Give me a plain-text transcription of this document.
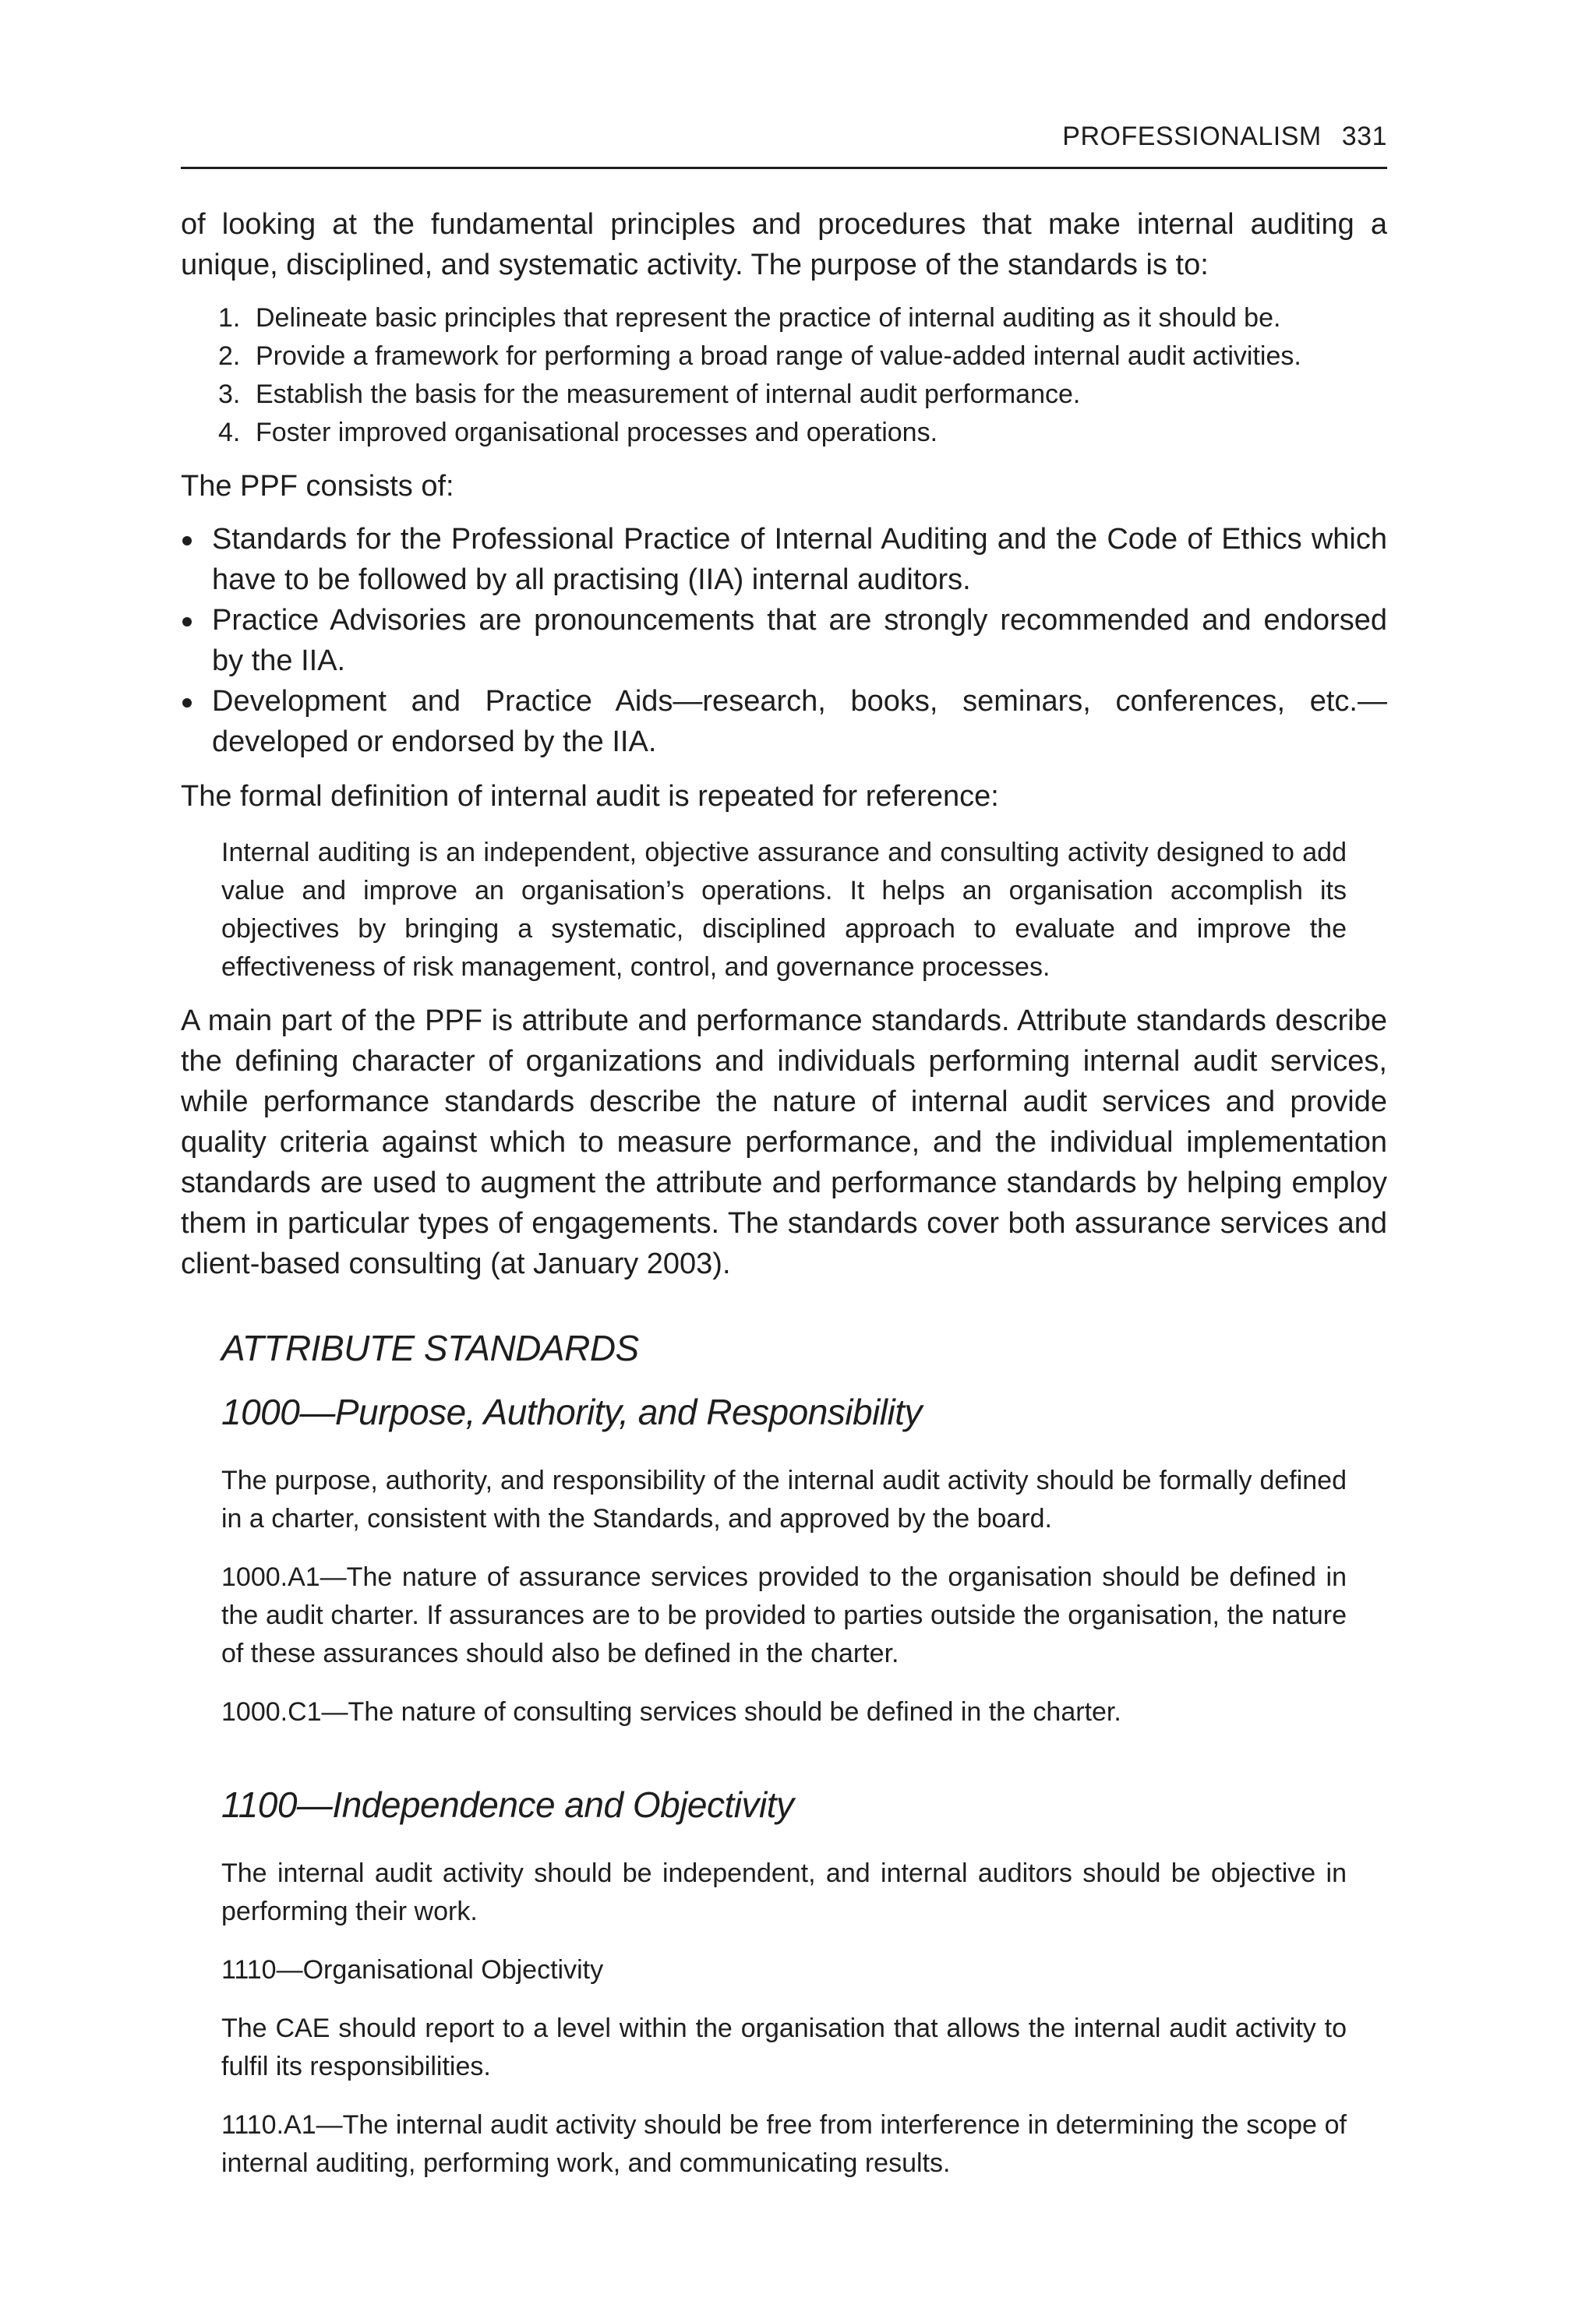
PROFESSIONALISM 331

of looking at the fundamental principles and procedures that make internal auditing a unique, disciplined, and systematic activity. The purpose of the standards is to:

1. Delineate basic principles that represent the practice of internal auditing as it should be.
2. Provide a framework for performing a broad range of value-added internal audit activities.
3. Establish the basis for the measurement of internal audit performance.
4. Foster improved organisational processes and operations.

The PPF consists of:

Standards for the Professional Practice of Internal Auditing and the Code of Ethics which have to be followed by all practising (IIA) internal auditors.
Practice Advisories are pronouncements that are strongly recommended and endorsed by the IIA.
Development and Practice Aids—research, books, seminars, conferences, etc.—developed or endorsed by the IIA.

The formal definition of internal audit is repeated for reference:

Internal auditing is an independent, objective assurance and consulting activity designed to add value and improve an organisation’s operations. It helps an organisation accomplish its objectives by bringing a systematic, disciplined approach to evaluate and improve the effectiveness of risk management, control, and governance processes.

A main part of the PPF is attribute and performance standards. Attribute standards describe the defining character of organizations and individuals performing internal audit services, while performance standards describe the nature of internal audit services and provide quality criteria against which to measure performance, and the individual implementation standards are used to augment the attribute and performance standards by helping employ them in particular types of engagements. The standards cover both assurance services and client-based consulting (at January 2003).

ATTRIBUTE STANDARDS
1000—Purpose, Authority, and Responsibility

The purpose, authority, and responsibility of the internal audit activity should be formally defined in a charter, consistent with the Standards, and approved by the board.

1000.A1—The nature of assurance services provided to the organisation should be defined in the audit charter. If assurances are to be provided to parties outside the organisation, the nature of these assurances should also be defined in the charter.

1000.C1—The nature of consulting services should be defined in the charter.

1100—Independence and Objectivity

The internal audit activity should be independent, and internal auditors should be objective in performing their work.

1110—Organisational Objectivity

The CAE should report to a level within the organisation that allows the internal audit activity to fulfil its responsibilities.

1110.A1—The internal audit activity should be free from interference in determining the scope of internal auditing, performing work, and communicating results.
